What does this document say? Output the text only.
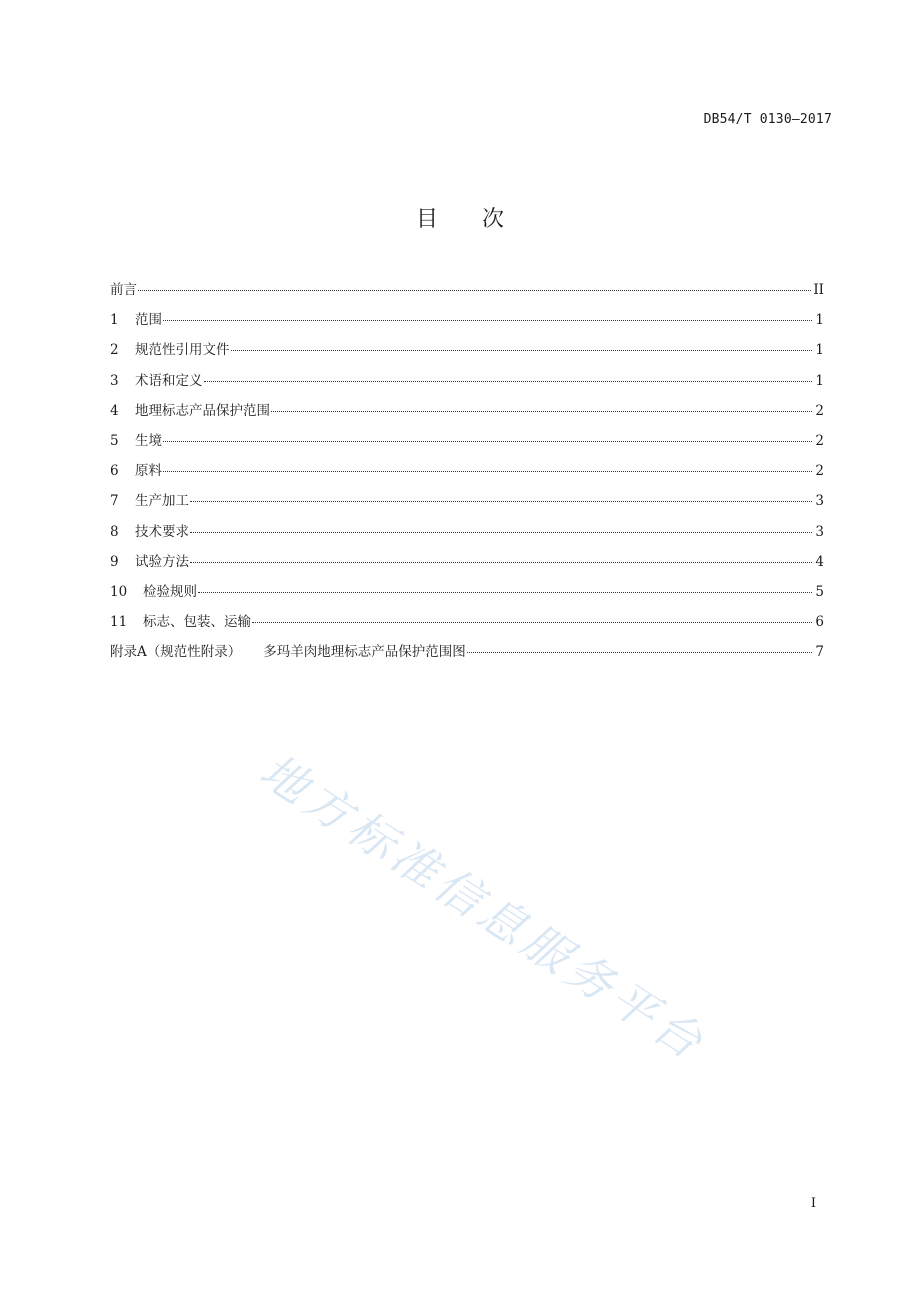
DB54/T 0130—2017
目次
前言	II
1	范围	1
2	规范性引用文件	1
3	术语和定义	1
4	地理标志产品保护范围	2
5	生境	2
6	原料	2
7	生产加工	3
8	技术要求	3
9	试验方法	4
10	检验规则	5
11	标志、包装、运输	6
附录A（规范性附录） 多玛羊肉地理标志产品保护范围图	7
地方标准信息服务平台
I
